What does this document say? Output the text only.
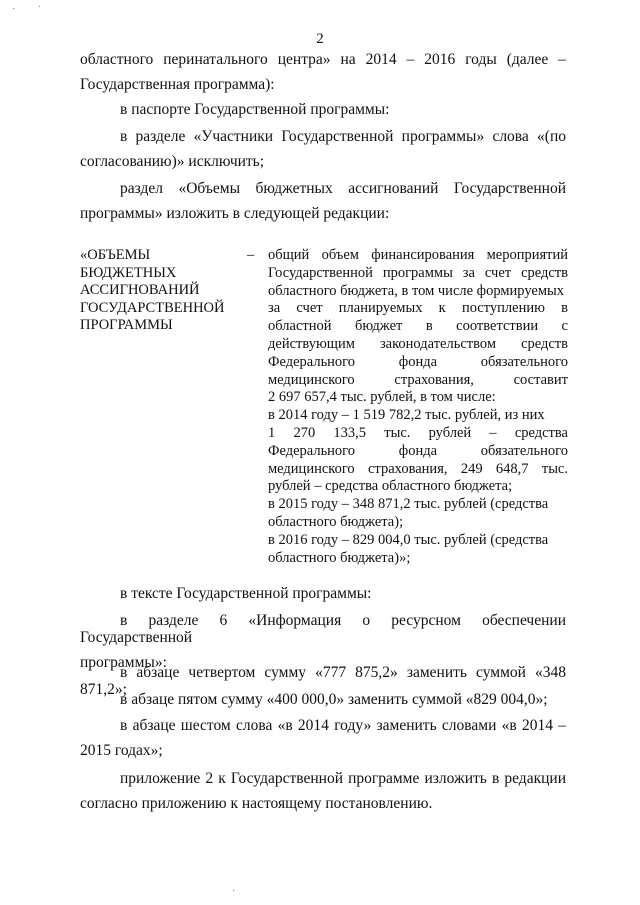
· ·
2
областного перинатального центра» на 2014 – 2016 годы (далее –
Государственная программа):
в паспорте Государственной программы:
в разделе «Участники Государственной программы» слова «(по
согласованию)» исключить;
раздел «Объемы бюджетных ассигнований Государственной
программы» изложить в следующей редакции:
«ОБЪЕМЫ
БЮДЖЕТНЫХ
АССИГНОВАНИЙ
ГОСУДАРСТВЕННОЙ
ПРОГРАММЫ
– общий объем финансирования мероприятий
Государственной программы за счет средств
областного бюджета, в том числе формируемых
за счет планируемых к поступлению в
областной бюджет в соответствии с
действующим законодательством средств
Федерального фонда обязательного
медицинского страхования, составит
2 697 657,4 тыс. рублей, в том числе:
в 2014 году – 1 519 782,2 тыс. рублей, из них
1 270 133,5 тыс. рублей – средства
Федерального фонда обязательного
медицинского страхования, 249 648,7 тыс.
рублей – средства областного бюджета;
в 2015 году – 348 871,2 тыс. рублей (средства
областного бюджета);
в 2016 году – 829 004,0 тыс. рублей (средства
областного бюджета)»;
в тексте Государственной программы:
в разделе 6 «Информация о ресурсном обеспечении Государственной
программы»:
в абзаце четвертом сумму «777 875,2» заменить суммой «348 871,2»;
в абзаце пятом сумму «400 000,0» заменить суммой «829 004,0»;
в абзаце шестом слова «в 2014 году» заменить словами «в 2014 –
2015 годах»;
приложение 2 к Государственной программе изложить в редакции
согласно приложению к настоящему постановлению.
·
